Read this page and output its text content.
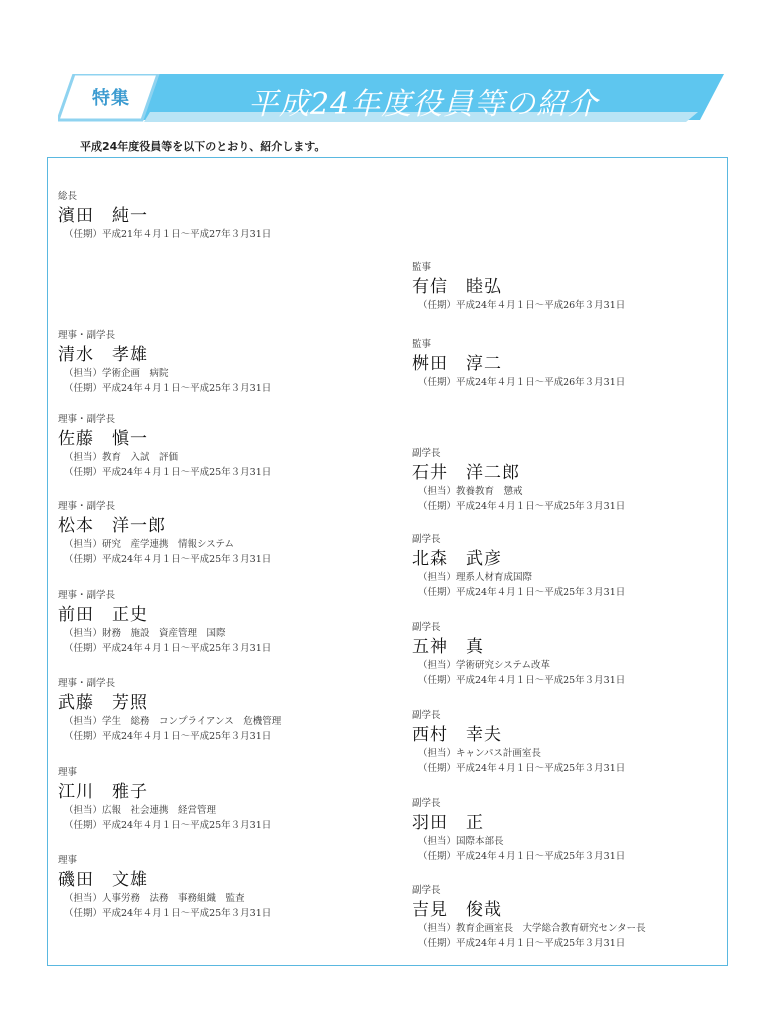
特集	平成24年度役員等の紹介
平成24年度役員等を以下のとおり、紹介します。
総長
濱田　純一
（任期）平成21年４月１日～平成27年３月31日
理事・副学長
清水　孝雄
（担当）学術企画　病院
（任期）平成24年４月１日～平成25年３月31日
理事・副学長
佐藤　愼一
（担当）教育　入試　評価
（任期）平成24年４月１日～平成25年３月31日
理事・副学長
松本　洋一郎
（担当）研究　産学連携　情報システム
（任期）平成24年４月１日～平成25年３月31日
理事・副学長
前田　正史
（担当）財務　施設　資産管理　国際
（任期）平成24年４月１日～平成25年３月31日
理事・副学長
武藤　芳照
（担当）学生　総務　コンプライアンス　危機管理
（任期）平成24年４月１日～平成25年３月31日
理事
江川　雅子
（担当）広報　社会連携　経営管理
（任期）平成24年４月１日～平成25年３月31日
理事
磯田　文雄
（担当）人事労務　法務　事務組織　監査
（任期）平成24年４月１日～平成25年３月31日
監事
有信　睦弘
（任期）平成24年４月１日～平成26年３月31日
監事
桝田　淳二
（任期）平成24年４月１日～平成26年３月31日
副学長
石井　洋二郎
（担当）教養教育　懲戒
（任期）平成24年４月１日～平成25年３月31日
副学長
北森　武彦
（担当）理系人材育成国際
（任期）平成24年４月１日～平成25年３月31日
副学長
五神　真
（担当）学術研究システム改革
（任期）平成24年４月１日～平成25年３月31日
副学長
西村　幸夫
（担当）キャンパス計画室長
（任期）平成24年４月１日～平成25年３月31日
副学長
羽田　正
（担当）国際本部長
（任期）平成24年４月１日～平成25年３月31日
副学長
吉見　俊哉
（担当）教育企画室長　大学総合教育研究センター長
（任期）平成24年４月１日～平成25年３月31日
